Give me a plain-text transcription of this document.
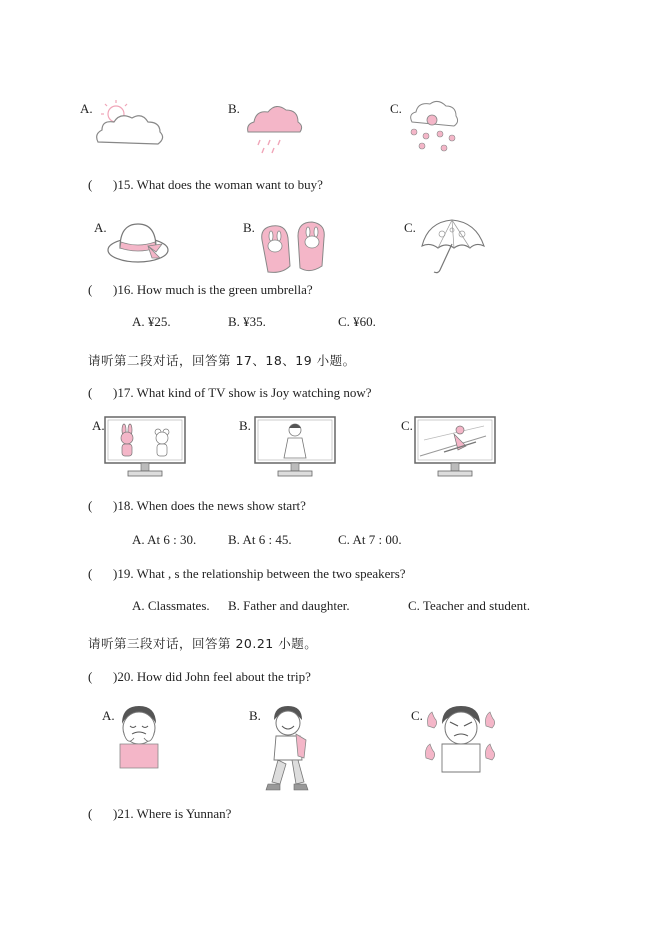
A.	B.	C.
( )15. What does the woman want to buy?
A.	B.	C.
( )16. How much is the green umbrella?
A. ¥25.	B. ¥35.	C. ¥60.
请听第二段对话，回答第 17、18、19 小题。
( )17. What kind of TV show is Joy watching now?
A.	B.	C.
( )18. When does the news show start?
A. At 6 : 30. B. At 6 : 45.	C. At 7 : 00.
( )19. What , s the relationship between the two speakers?
A. Classmates. B. Father and daughter.	C. Teacher and student.
请听第三段对话，回答第 20.21 小题。
( )20. How did John feel about the trip?
A.	B.	C.
( )21. Where is Yunnan?
